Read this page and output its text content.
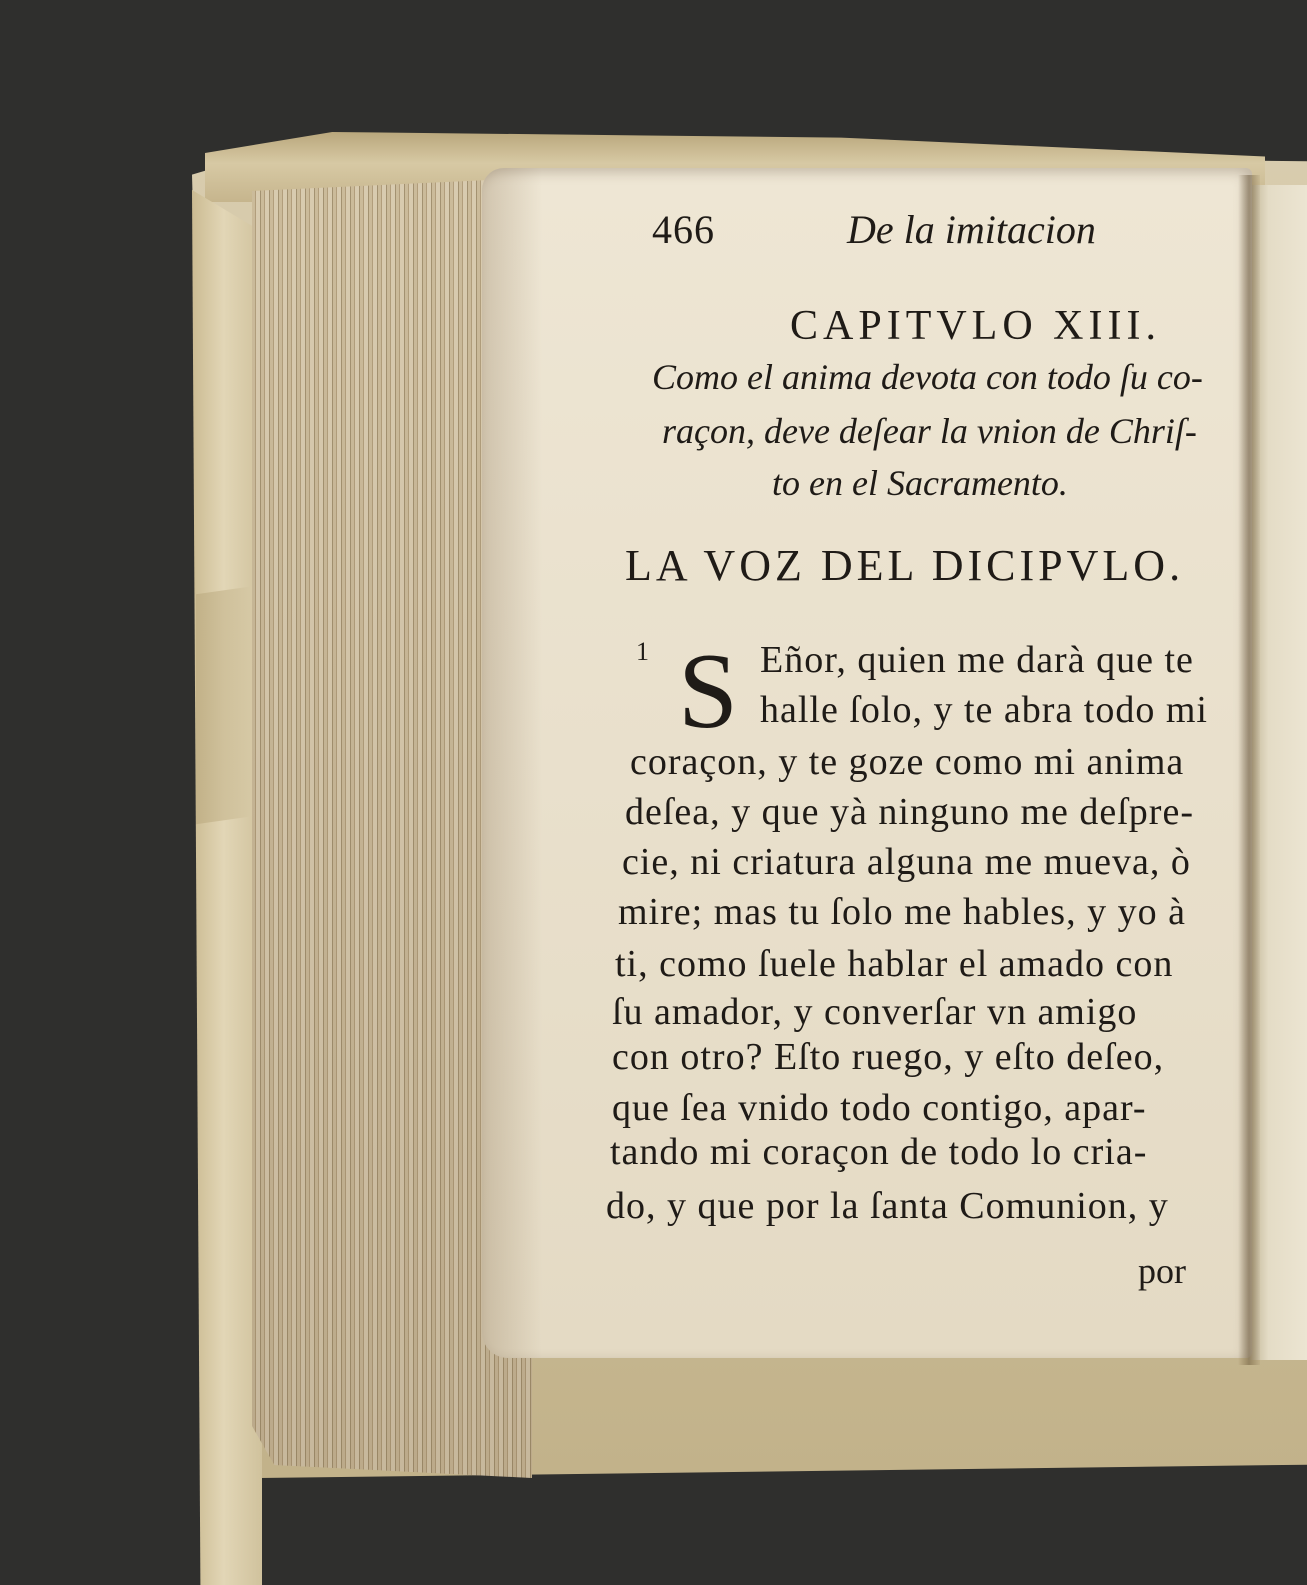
466	De la imitacion
CAPITVLO XIII.
Como el anima devota con todo ſu co-
raçon, deve deſear la vnion de Chriſ-
to en el Sacramento.
LA VOZ DEL DICIPVLO.
1 S Eñor, quien me darà que te
halle ſolo, y te abra todo mi
coraçon, y te goze como mi anima
deſea, y que yà ninguno me deſpre-
cie, ni criatura alguna me mueva, ò
mire; mas tu ſolo me hables, y yo à
ti, como ſuele hablar el amado con
ſu amador, y converſar vn amigo
con otro? Eſto ruego, y eſto deſeo,
que ſea vnido todo contigo, apar-
tando mi coraçon de todo lo cria-
do, y que por la ſanta Comunion, y
por
